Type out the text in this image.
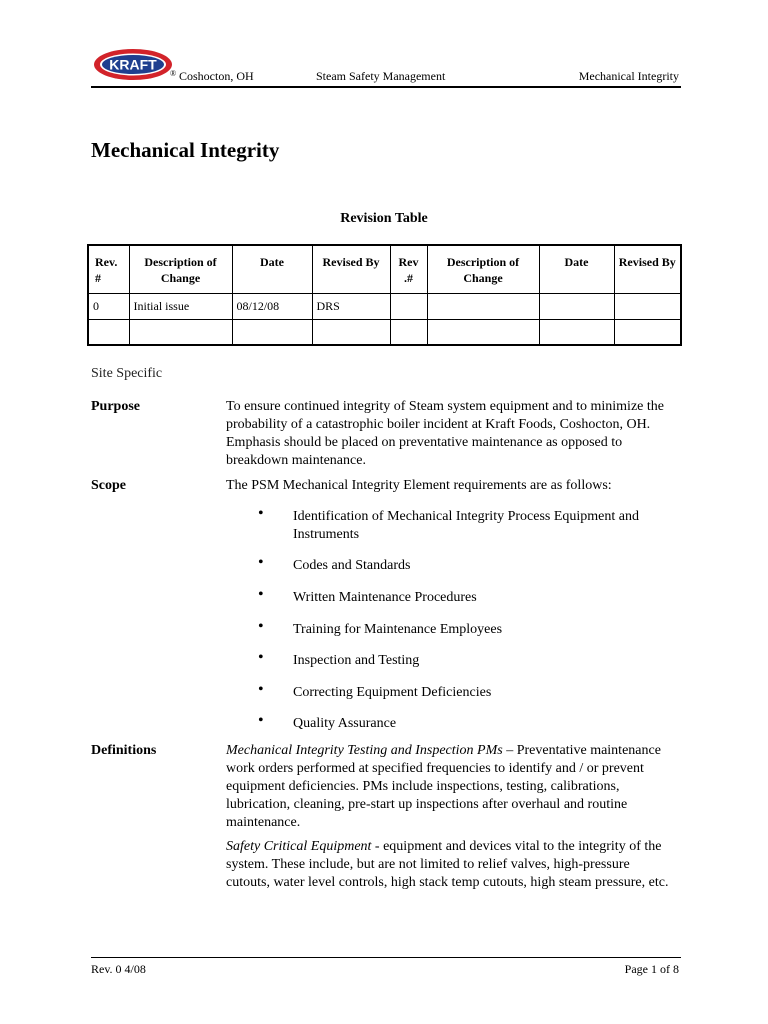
KRAFT
® Coshocton, OH	Steam Safety Management	Mechanical Integrity
Mechanical Integrity
Revision Table
Rev. #	Description of Change	Date	Revised By	Rev .#	Description of Change	Date	Revised By
0	Initial issue	08/12/08	DRS				

Site Specific
Purpose	To ensure continued integrity of Steam system equipment and to minimize the probability of a catastrophic boiler incident at Kraft Foods, Coshocton, OH. Emphasis should be placed on preventative maintenance as opposed to breakdown maintenance.
Scope	The PSM Mechanical Integrity Element requirements are as follows:
• Identification of Mechanical Integrity Process Equipment and Instruments
• Codes and Standards
• Written Maintenance Procedures
• Training for Maintenance Employees
• Inspection and Testing
• Correcting Equipment Deficiencies
• Quality Assurance
Definitions	Mechanical Integrity Testing and Inspection PMs – Preventative maintenance work orders performed at specified frequencies to identify and / or prevent equipment deficiencies. PMs include inspections, testing, calibrations, lubrication, cleaning, pre-start up inspections after overhaul and routine maintenance.
Safety Critical Equipment - equipment and devices vital to the integrity of the system. These include, but are not limited to relief valves, high-pressure cutouts, water level controls, high stack temp cutouts, high steam pressure, etc.
Rev. 0 4/08	Page 1 of 8
